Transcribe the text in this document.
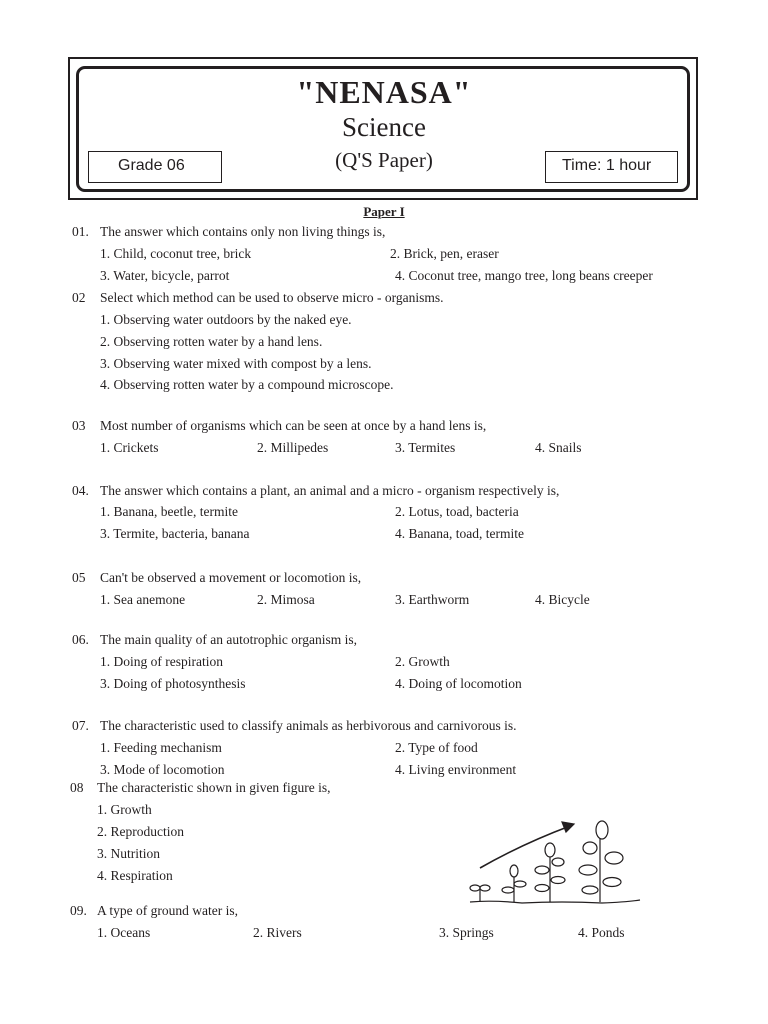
"NENASA"
Science
(Q'S Paper)
Grade 06	Time: 1 hour
Paper I
01. The answer which contains only non living things is,
1. Child, coconut tree, brick	2. Brick, pen, eraser
3. Water, bicycle, parrot	4. Coconut tree, mango tree, long beans creeper
02 Select which method can be used to observe micro - organisms.
1. Observing water outdoors by the naked eye.
2. Observing rotten water by a hand lens.
3. Observing water mixed with compost by a lens.
4. Observing rotten water by a compound microscope.
03 Most number of organisms which can be seen at once by a hand lens is,
1. Crickets	2. Millipedes	3. Termites	4. Snails
04. The answer which contains a plant, an animal and a micro - organism respectively is,
1. Banana, beetle, termite	2. Lotus, toad, bacteria
3. Termite, bacteria, banana	4. Banana, toad, termite
05 Can't be observed a movement or locomotion is,
1. Sea anemone	2. Mimosa	3. Earthworm	4. Bicycle
06. The main quality of an autotrophic organism is,
1. Doing of respiration	2. Growth
3. Doing of photosynthesis	4. Doing of locomotion
07. The characteristic used to classify animals as herbivorous and carnivorous is.
1. Feeding mechanism	2. Type of food
3. Mode of locomotion	4. Living environment
08 The characteristic shown in given figure is,
1. Growth
2. Reproduction
3. Nutrition
4. Respiration
09. A type of ground water is,
1. Oceans	2. Rivers	3. Springs	4. Ponds
